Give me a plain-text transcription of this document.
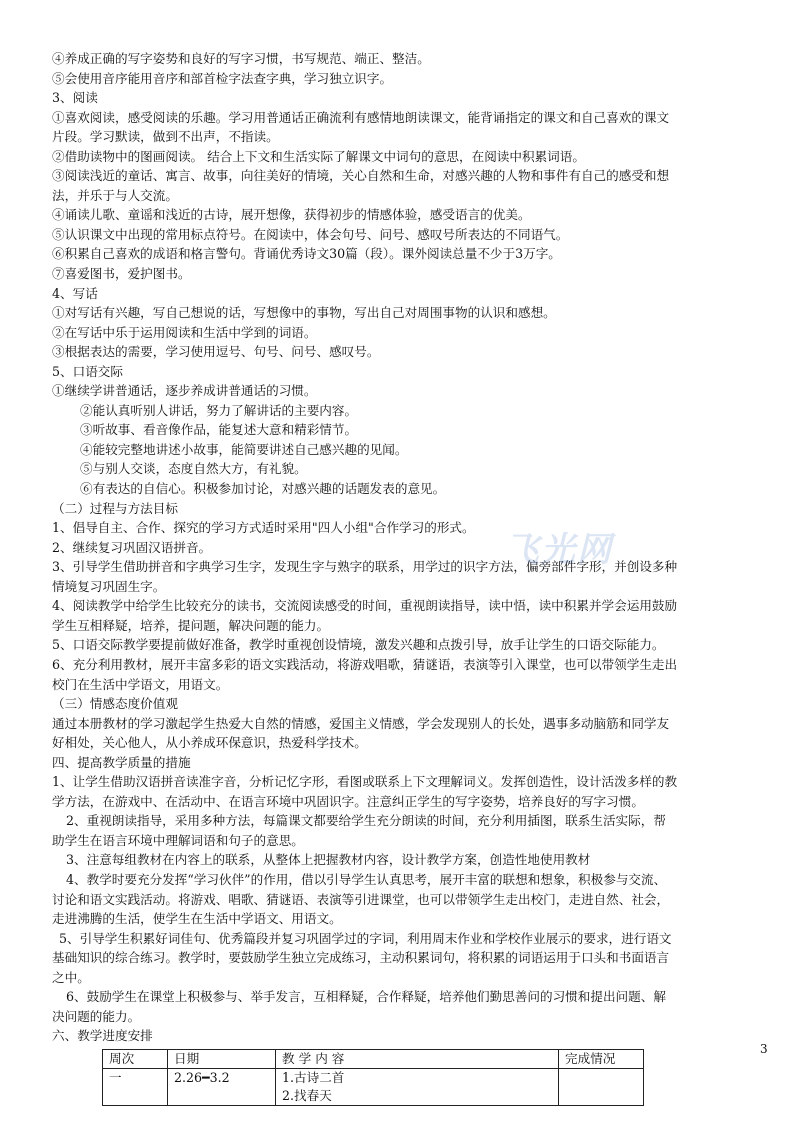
④养成正确的写字姿势和良好的写字习惯，书写规范、端正、整洁。
⑤会使用音序能用音序和部首检字法查字典，学习独立识字。
3、阅读
①喜欢阅读，感受阅读的乐趣。学习用普通话正确流利有感情地朗读课文，能背诵指定的课文和自己喜欢的课文
片段。学习默读，做到不出声，不指读。
②借助读物中的图画阅读。 结合上下文和生活实际了解课文中词句的意思，在阅读中积累词语。
③阅读浅近的童话、寓言、故事，向往美好的情境，关心自然和生命，对感兴趣的人物和事件有自己的感受和想
法，并乐于与人交流。
④诵读儿歌、童谣和浅近的古诗，展开想像，获得初步的情感体验，感受语言的优美。
⑤认识课文中出现的常用标点符号。在阅读中，体会句号、问号、感叹号所表达的不同语气。
⑥积累自己喜欢的成语和格言警句。背诵优秀诗文30篇（段）。课外阅读总量不少于3万字。
⑦喜爱图书，爱护图书。
4、写话
①对写话有兴趣，写自己想说的话，写想像中的事物，写出自己对周围事物的认识和感想。
②在写话中乐于运用阅读和生活中学到的词语。
③根据表达的需要，学习使用逗号、句号、问号、感叹号。
5、口语交际
①继续学讲普通话，逐步养成讲普通话的习惯。
②能认真听别人讲话，努力了解讲话的主要内容。
③听故事、看音像作品，能复述大意和精彩情节。
④能较完整地讲述小故事，能简要讲述自己感兴趣的见闻。
⑤与别人交谈，态度自然大方，有礼貌。
⑥有表达的自信心。积极参加讨论，对感兴趣的话题发表的意见。
（二）过程与方法目标
1、倡导自主、合作、探究的学习方式适时采用"四人小组"合作学习的形式。
2、继续复习巩固汉语拼音。
3、引导学生借助拼音和字典学习生字，发现生字与熟字的联系，用学过的识字方法，偏旁部件字形，并创设多种
情境复习巩固生字。
4、阅读教学中给学生比较充分的读书，交流阅读感受的时间，重视朗读指导，读中悟，读中积累并学会运用鼓励
学生互相释疑，培养，提问题，解决问题的能力。
5、口语交际教学要提前做好准备，教学时重视创设情境，激发兴趣和点拨引导，放手让学生的口语交际能力。
6、充分利用教材，展开丰富多彩的语文实践活动，将游戏唱歌，猜谜语，表演等引入课堂，也可以带领学生走出
校门在生活中学语文，用语文。
（三）情感态度价值观
通过本册教材的学习激起学生热爱大自然的情感，爱国主义情感，学会发现别人的长处，遇事多动脑筋和同学友
好相处，关心他人，从小养成环保意识，热爱科学技术。
四、提高教学质量的措施
1、让学生借助汉语拼音读准字音，分析记忆字形，看图或联系上下文理解词义。发挥创造性，设计活泼多样的教
学方法，在游戏中、在活动中、在语言环境中巩固识字。注意纠正学生的写字姿势，培养良好的写字习惯。
2、重视朗读指导，采用多种方法，每篇课文都要给学生充分朗读的时间，充分利用插图，联系生活实际，帮
助学生在语言环境中理解词语和句子的意思。
3、注意每组教材在内容上的联系，从整体上把握教材内容，设计教学方案，创造性地使用教材
4、教学时要充分发挥“学习伙伴”的作用，借以引导学生认真思考，展开丰富的联想和想象，积极参与交流、
讨论和语文实践活动。将游戏、唱歌、猜谜语、表演等引进课堂，也可以带领学生走出校门，走进自然、社会，
走进沸腾的生活，使学生在生活中学语文、用语文。
5、引导学生积累好词佳句、优秀篇段并复习巩固学过的字词，利用周末作业和学校作业展示的要求，进行语文
基础知识的综合练习。教学时，要鼓励学生独立完成练习，主动积累词句，将积累的词语运用于口头和书面语言
之中。
6、鼓励学生在课堂上积极参与、举手发言，互相释疑，合作释疑，培养他们勤思善问的习惯和提出问题、解
决问题的能力。
六、教学进度安排
周次	日期	教 学 内 容	完成情况
一	2.26━3.2	1.古诗二首
2.找春天	

飞光网
3
